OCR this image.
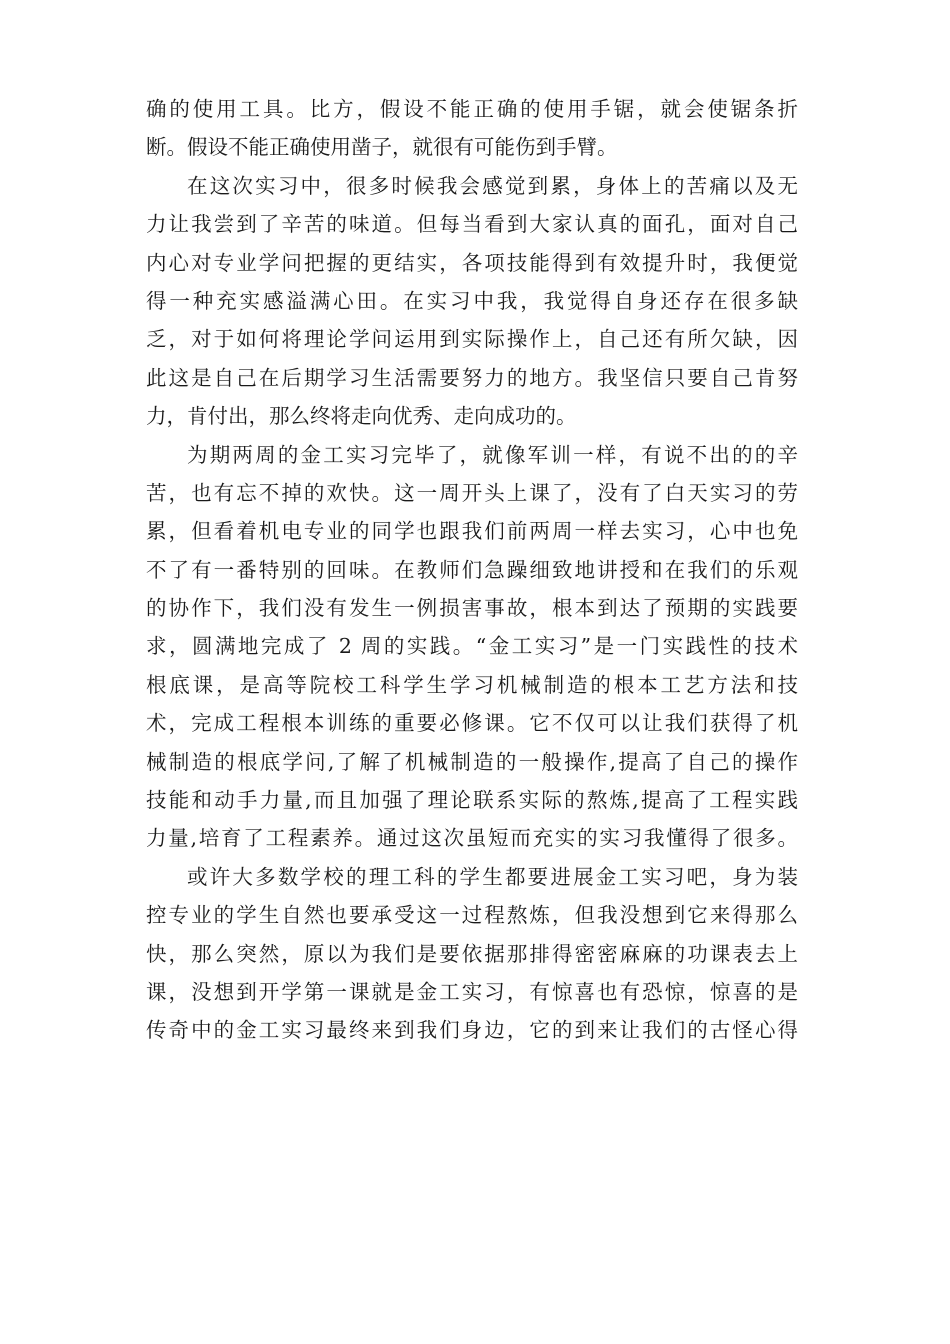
确的使用工具。比方，假设不能正确的使用手锯，就会使锯条折
断。假设不能正确使用凿子，就很有可能伤到手臂。
在这次实习中，很多时候我会感觉到累，身体上的苦痛以及无
力让我尝到了辛苦的味道。但每当看到大家认真的面孔，面对自己
内心对专业学问把握的更结实，各项技能得到有效提升时，我便觉
得一种充实感溢满心田。在实习中我，我觉得自身还存在很多缺
乏，对于如何将理论学问运用到实际操作上，自己还有所欠缺，因
此这是自己在后期学习生活需要努力的地方。我坚信只要自己肯努
力，肯付出，那么终将走向优秀、走向成功的。
为期两周的金工实习完毕了，就像军训一样，有说不出的的辛
苦，也有忘不掉的欢快。这一周开头上课了，没有了白天实习的劳
累，但看着机电专业的同学也跟我们前两周一样去实习，心中也免
不了有一番特别的回味。在教师们急躁细致地讲授和在我们的乐观
的协作下，我们没有发生一例损害事故，根本到达了预期的实践要
求，圆满地完成了 2 周的实践。“金工实习”是一门实践性的技术
根底课，是高等院校工科学生学习机械制造的根本工艺方法和技
术，完成工程根本训练的重要必修课。它不仅可以让我们获得了机
械制造的根底学问,了解了机械制造的一般操作,提高了自己的操作
技能和动手力量,而且加强了理论联系实际的熬炼,提高了工程实践
力量,培育了工程素养。通过这次虽短而充实的实习我懂得了很多。
或许大多数学校的理工科的学生都要进展金工实习吧，身为装
控专业的学生自然也要承受这一过程熬炼，但我没想到它来得那么
快，那么突然，原以为我们是要依据那排得密密麻麻的功课表去上
课，没想到开学第一课就是金工实习，有惊喜也有恐惊，惊喜的是
传奇中的金工实习最终来到我们身边，它的到来让我们的古怪心得
